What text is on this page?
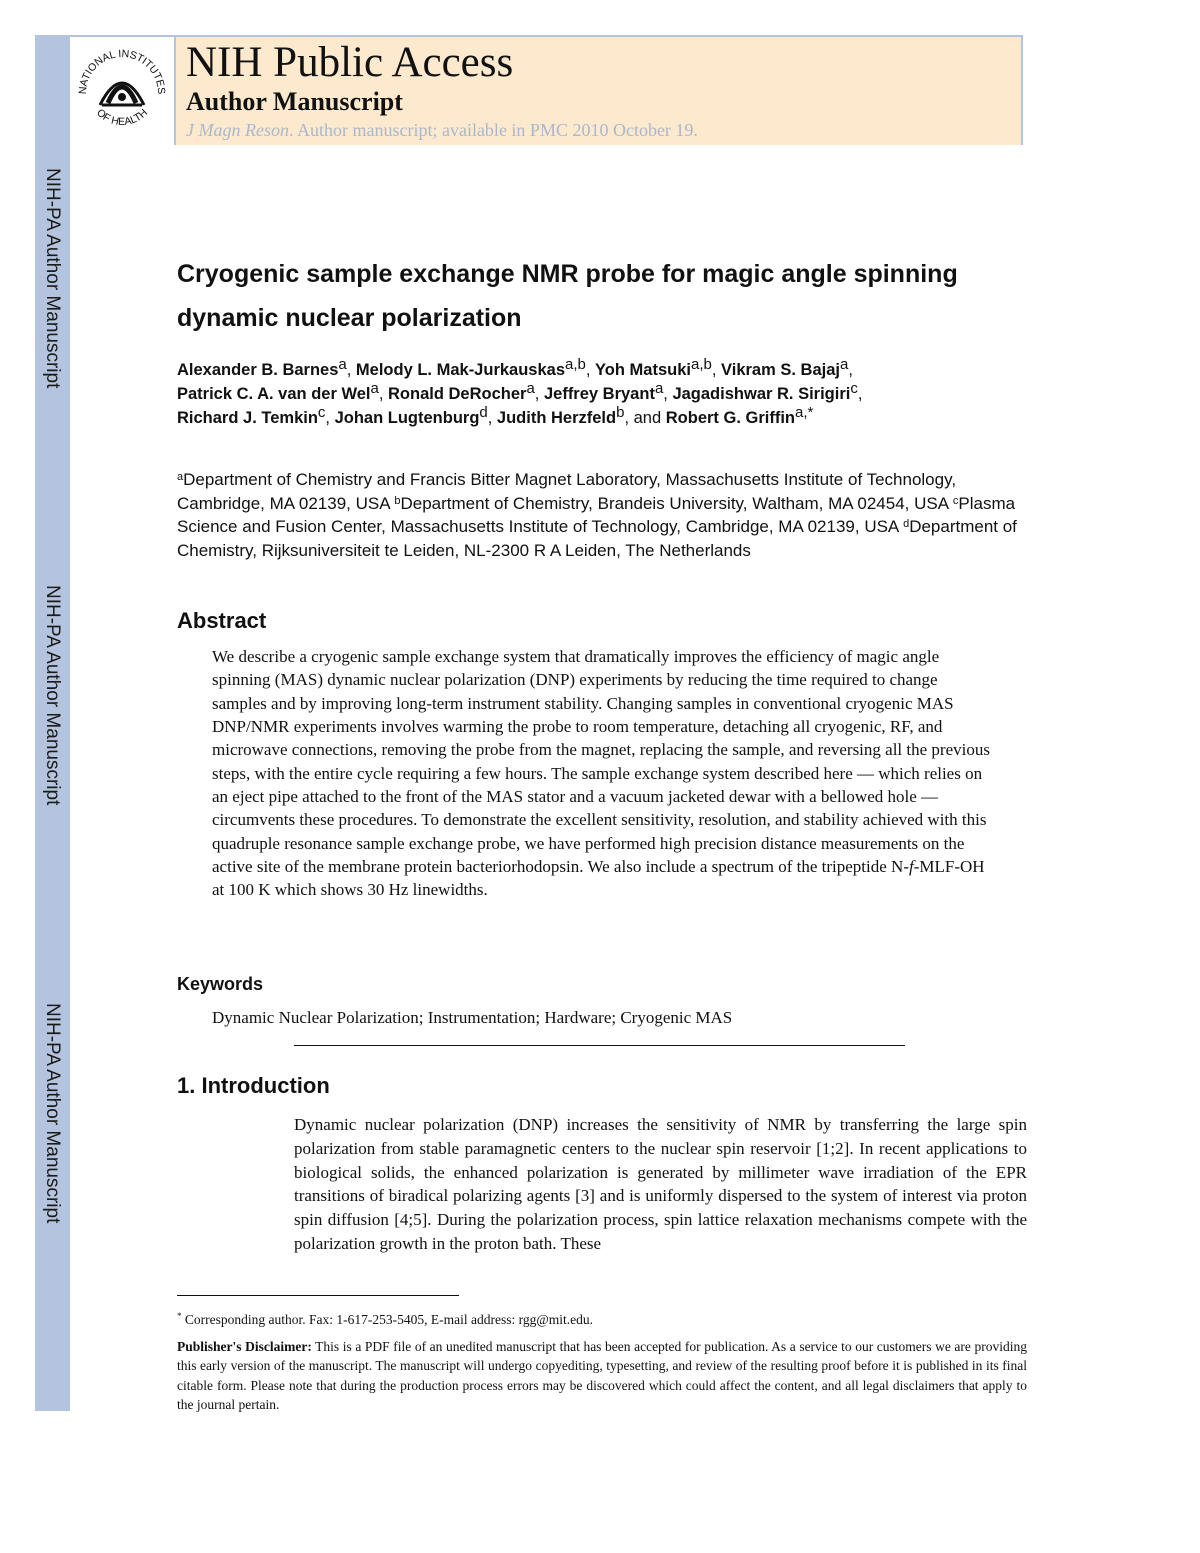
NIH-PA Author Manuscript
NIH-PA Author Manuscript
NIH-PA Author Manuscript
NATIONAL INSTITUTES
OF HEALTH
NIH Public Access
Author Manuscript
J Magn Reson. Author manuscript; available in PMC 2010 October 19.
Cryogenic sample exchange NMR probe for magic angle spinning
dynamic nuclear polarization
Alexander B. Barnes$^a$, Melody L. Mak-Jurkauskas$^{a,b}$, Yoh Matsuki$^{a,b}$, Vikram S. Bajaj$^a$,
Patrick C. A. van der Wel$^a$, Ronald DeRocher$^a$, Jeffrey Bryant$^a$, Jagadishwar R. Sirigiri$^c$,
Richard J. Temkin$^c$, Johan Lugtenburg$^d$, Judith Herzfeld$^b$, and Robert G. Griffin$^{a,*}$
$^a$Department of Chemistry and Francis Bitter Magnet Laboratory, Massachusetts Institute of Technology, Cambridge, MA 02139, USA $^b$Department of Chemistry, Brandeis University, Waltham, MA 02454, USA $^c$Plasma Science and Fusion Center, Massachusetts Institute of Technology, Cambridge, MA 02139, USA $^d$Department of Chemistry, Rijksuniversiteit te Leiden, NL-2300 R A Leiden, The Netherlands
Abstract
We describe a cryogenic sample exchange system that dramatically improves the efficiency of magic angle spinning (MAS) dynamic nuclear polarization (DNP) experiments by reducing the time required to change samples and by improving long-term instrument stability. Changing samples in conventional cryogenic MAS DNP/NMR experiments involves warming the probe to room temperature, detaching all cryogenic, RF, and microwave connections, removing the probe from the magnet, replacing the sample, and reversing all the previous steps, with the entire cycle requiring a few hours. The sample exchange system described here — which relies on an eject pipe attached to the front of the MAS stator and a vacuum jacketed dewar with a bellowed hole — circumvents these procedures. To demonstrate the excellent sensitivity, resolution, and stability achieved with this quadruple resonance sample exchange probe, we have performed high precision distance measurements on the active site of the membrane protein bacteriorhodopsin. We also include a spectrum of the tripeptide N-f-MLF-OH at 100 K which shows 30 Hz linewidths.
Keywords
Dynamic Nuclear Polarization; Instrumentation; Hardware; Cryogenic MAS
1. Introduction
Dynamic nuclear polarization (DNP) increases the sensitivity of NMR by transferring the large spin polarization from stable paramagnetic centers to the nuclear spin reservoir [1;2]. In recent applications to biological solids, the enhanced polarization is generated by millimeter wave irradiation of the EPR transitions of biradical polarizing agents [3] and is uniformly dispersed to the system of interest via proton spin diffusion [4;5]. During the polarization process, spin lattice relaxation mechanisms compete with the polarization growth in the proton bath. These
* Corresponding author. Fax: 1-617-253-5405, E-mail address: rgg@mit.edu.
Publisher's Disclaimer: This is a PDF file of an unedited manuscript that has been accepted for publication. As a service to our customers we are providing this early version of the manuscript. The manuscript will undergo copyediting, typesetting, and review of the resulting proof before it is published in its final citable form. Please note that during the production process errors may be discovered which could affect the content, and all legal disclaimers that apply to the journal pertain.
